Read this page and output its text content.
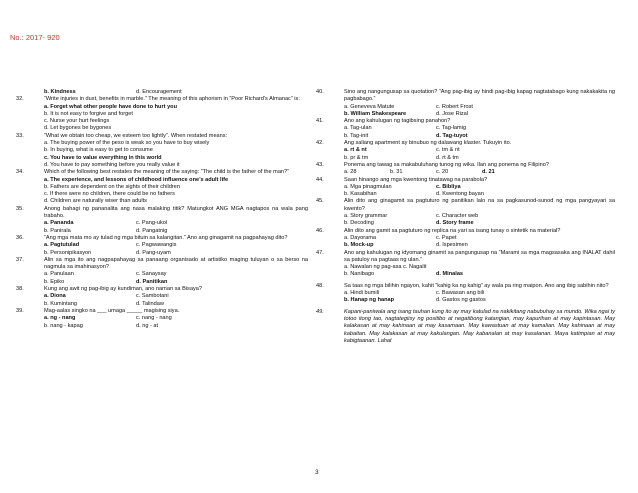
No.: 2017- 920
b. Kindness	d. Encouragement
32.	“Write injuries in dust, benefits in marble.” The meaning of this aphorism in “Poor Richard’s Almanac” is:
a. Forget what other people have done to hurt you
b. It is not easy to forgive and forget
c. Nurse your hurt feelings
d. Let bygones be bygones
33.	“What we obtain too cheap, we esteem too lightly”. When restated means:
a. The buying power of the peso is weak so you have to buy wisely
b. In buying, what is easy to get to consume
c. You have to value everything in this world
d. You have to pay something before you really value it
34.	Which of the following best restates the meaning of the saying: “The child is the father of the man?”
a. The experience, and lessons of childhood influence one’s adult life
b. Fathers are dependent on the sights of their children
c. If there were no children, there could be no fathers
d. Children are naturally wiser than adults
35.	Anong bahagi ng pananalita ang nasa malaking titik? Matungkot ANG MGA nagtapos na wala pang trabaho.
a. Pananda	c. Pang-ukol
b. Panirala	d. Pangatnig
36.	“Ang mga mata mo ay tulad ng mga bituin sa kalangitan.” Ano ang ginagamit na pagpahayag dito?
a. Pagtutulad	c. Pagwawangis
b. Personipikasyon	d. Pang-uyam
37.	Alin sa mga ito ang nagpapahayag sa panaang organisado at artistiko maging tuluyan o sa berso na nagmula sa imahinasyon?
a. Panulaan	c. Sanaysay
b. Epiko	d. Panitikan
38.	Kung ang awit ng pag-ibig ay kundiman, ano naman sa Bisaya?
a. Diona	c. Sambotani
b. Kumintang	d. Talindaw
39.	Mag-aalas singko na ___ umaga _____ magising siya.
a. ng - nang	c. nang - nang
b. nang - kapag	d. ng - at
40.	Sino ang nangungusap sa quotation? “Ang pag-ibig ay hindi pag-ibig kapag nagtatabago kung nakakakita ng pagbabago.”
a. Geneveva Matute	c. Robert Frost
b. William Shakespeare	d. Jose Rizal
41.	Ano ang kahulugan ng tagibsing panahon?
a. Tag-ulan	c. Tag-lamig
b. Tag-init	d. Tag-tuyot
42.	Ang saliang apartment ay binubuo ng dalawang klaster. Tukuyin ito.
a. rt & nt	c. tm & nt
b. pr & tm	d. rt & tm
43.	Ponema ang tawag sa makabuluhang tunog ng wika. Ilan ang ponema ng Filipino?
a. 28	b. 31	c. 20	d. 21
44.	Saan hinango ang mga kwentong tinatawag na parabola?
a. Mga pinagmulan	c. Bibliya
b. Kasabihan	d. Kwentong bayan
45.	Alin dito ang ginagamit sa pagtuturo ng panitikan lalo na sa pagkasunod-sunod ng mga pangyayari sa kwento?
a. Story grammar	c. Character web
b. Decoding	d. Story frame
46.	Alin dito ang gamit sa pagtuturo ng replica na yari sa isang tunay o sintetik na material?
a. Dayorama	c. Papet
b. Mock-up	d. Ispesimen
47.	Ano ang kahulugan ng idyomang ginamit sa pangungusap na “Marami sa mga magsasaka ang INALAT dahil sa patuloy na pagtaas ng ulan.”
a. Nawalan ng pag-asa c. Nagalit
b. Nanibago	d. Minalas
48.	Sa taas ng mga bilihin ngayon, kahit “kahig ka ng kahig” ay wala pa ring maipon. Ano ang ibig sabihin nito?
a. Hindi bumili	c. Bawasan ang bili
b. Hanap ng hanap	d. Gastos ng gastos
49.	Kapani-paniwala ang isang tauhan kung ito ay may katulad na nakikitang nabubuhay sa mundo. Wika ngai ty totoo itong tao, nagtategiisy ng positibo at negatibong katangian, may kapurihan at may kapintasan. May kalakasan at may kahinaan at may kasamaan. May kawastuan at may kamalian. May kahinaan at may kabaitan. May kalakasan at may kakulangan. May kabanalan at may kasalanan. Maya katimpian at may kabigtaanan. Lahat
3
